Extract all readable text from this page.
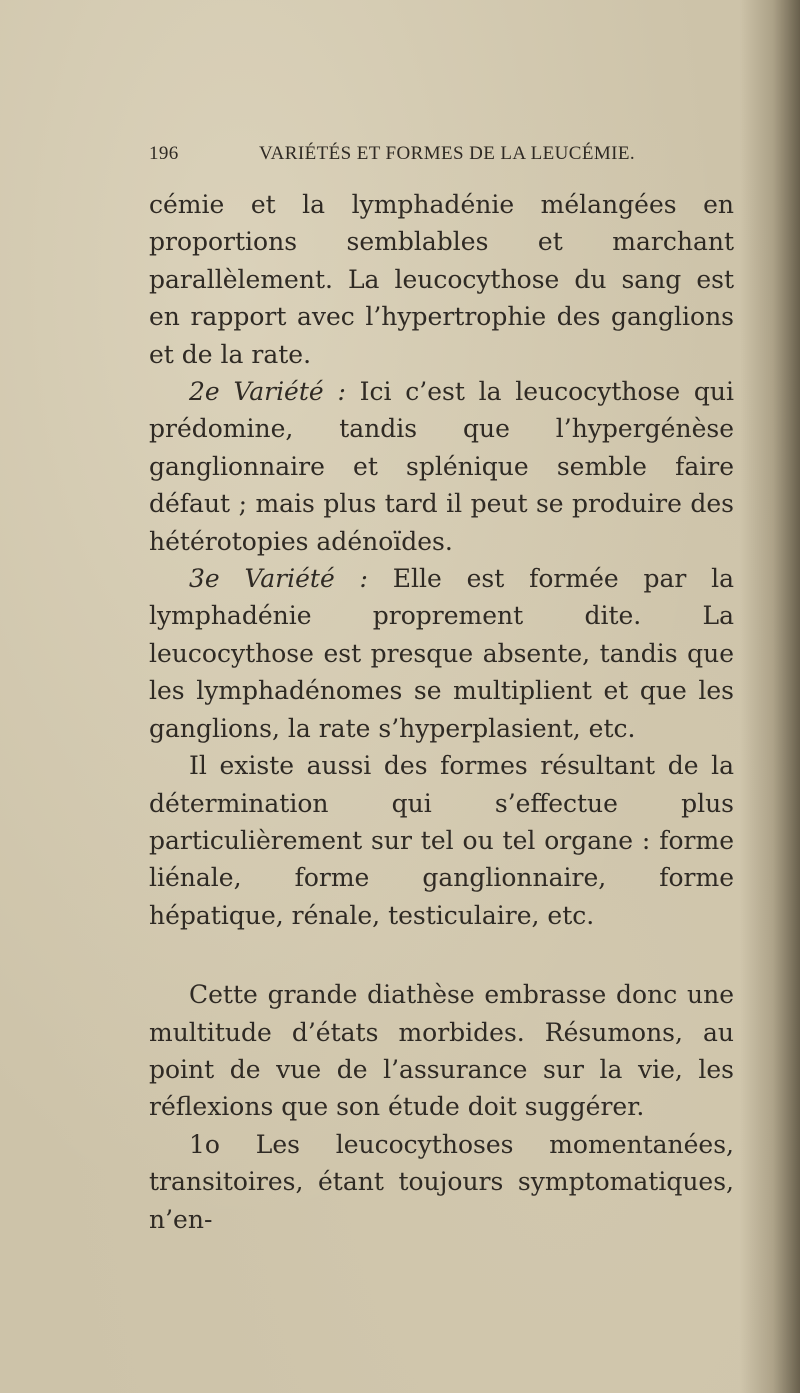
196	VARIÉTÉS ET FORMES DE LA LEUCÉMIE.

cémie et la lymphadénie mélangées en proportions semblables et marchant parallèlement. La leucocythose du sang est en rapport avec l’hypertrophie des ganglions et de la rate.

2e Variété : Ici c’est la leucocythose qui prédomine, tandis que l’hypergénèse ganglionnaire et splénique semble faire défaut ; mais plus tard il peut se produire des hétérotopies adénoïdes.

3e Variété : Elle est formée par la lymphadénie proprement dite. La leucocythose est presque absente, tandis que les lymphadénomes se multiplient et que les ganglions, la rate s’hyperplasient, etc.

Il existe aussi des formes résultant de la détermination qui s’effectue plus particulièrement sur tel ou tel organe : forme liénale, forme ganglionnaire, forme hépatique, rénale, testiculaire, etc.

Cette grande diathèse embrasse donc une multitude d’états morbides. Résumons, au point de vue de l’assurance sur la vie, les réflexions que son étude doit suggérer.

1o Les leucocythoses momentanées, transitoires, étant toujours symptomatiques, n’en-
